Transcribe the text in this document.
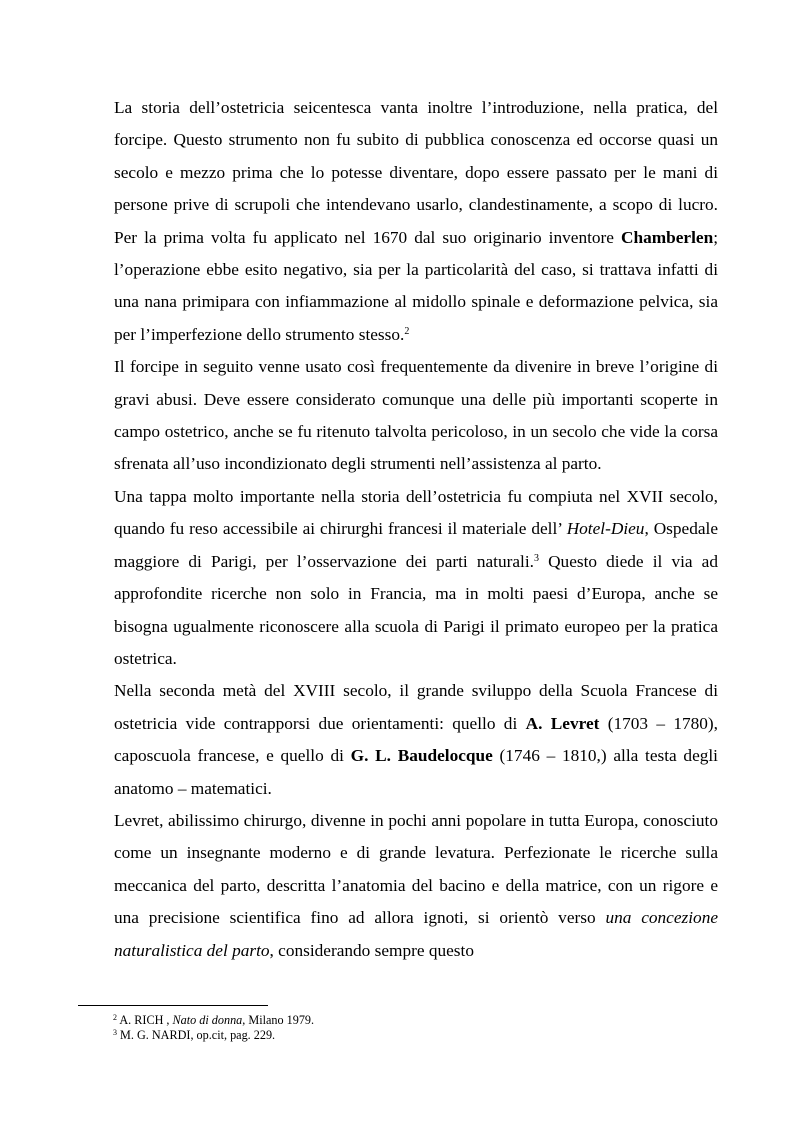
La storia dell’ostetricia seicentesca vanta inoltre l’introduzione, nella pratica, del forcipe. Questo strumento non fu subito di pubblica conoscenza ed occorse quasi un secolo e mezzo prima che lo potesse diventare, dopo essere passato per le mani di persone prive di scrupoli che intendevano usarlo, clandestinamente, a scopo di lucro. Per la prima volta fu applicato nel 1670 dal suo originario inventore Chamberlen; l’operazione ebbe esito negativo, sia per la particolarità del caso, si trattava infatti di una nana primipara con infiammazione al midollo spinale e deformazione pelvica, sia per l’imperfezione dello strumento stesso.$^2$

Il forcipe in seguito venne usato così frequentemente da divenire in breve l’origine di gravi abusi. Deve essere considerato comunque una delle più importanti scoperte in campo ostetrico, anche se fu ritenuto talvolta pericoloso, in un secolo che vide la corsa sfrenata all’uso incondizionato degli strumenti nell’assistenza al parto.

Una tappa molto importante nella storia dell’ostetricia fu compiuta nel XVII secolo, quando fu reso accessibile ai chirurghi francesi il materiale dell’ Hotel-Dieu, Ospedale maggiore di Parigi, per l’osservazione dei parti naturali.$^3$ Questo diede il via ad approfondite ricerche non solo in Francia, ma in molti paesi d’Europa, anche se bisogna ugualmente riconoscere alla scuola di Parigi il primato europeo per la pratica ostetrica.

Nella seconda metà del XVIII secolo, il grande sviluppo della Scuola Francese di ostetricia vide contrapporsi due orientamenti: quello di A. Levret (1703 – 1780), caposcuola francese, e quello di G. L. Baudelocque (1746 – 1810,) alla testa degli anatomo – matematici.

Levret, abilissimo chirurgo, divenne in pochi anni popolare in tutta Europa, conosciuto come un insegnante moderno e di grande levatura. Perfezionate le ricerche sulla meccanica del parto, descritta l’anatomia del bacino e della matrice, con un rigore e una precisione scientifica fino ad allora ignoti, si orientò verso una concezione naturalistica del parto, considerando sempre questo

$^2$ A. RICH , Nato di donna, Milano 1979.
$^3$ M. G. NARDI, op.cit, pag. 229.
